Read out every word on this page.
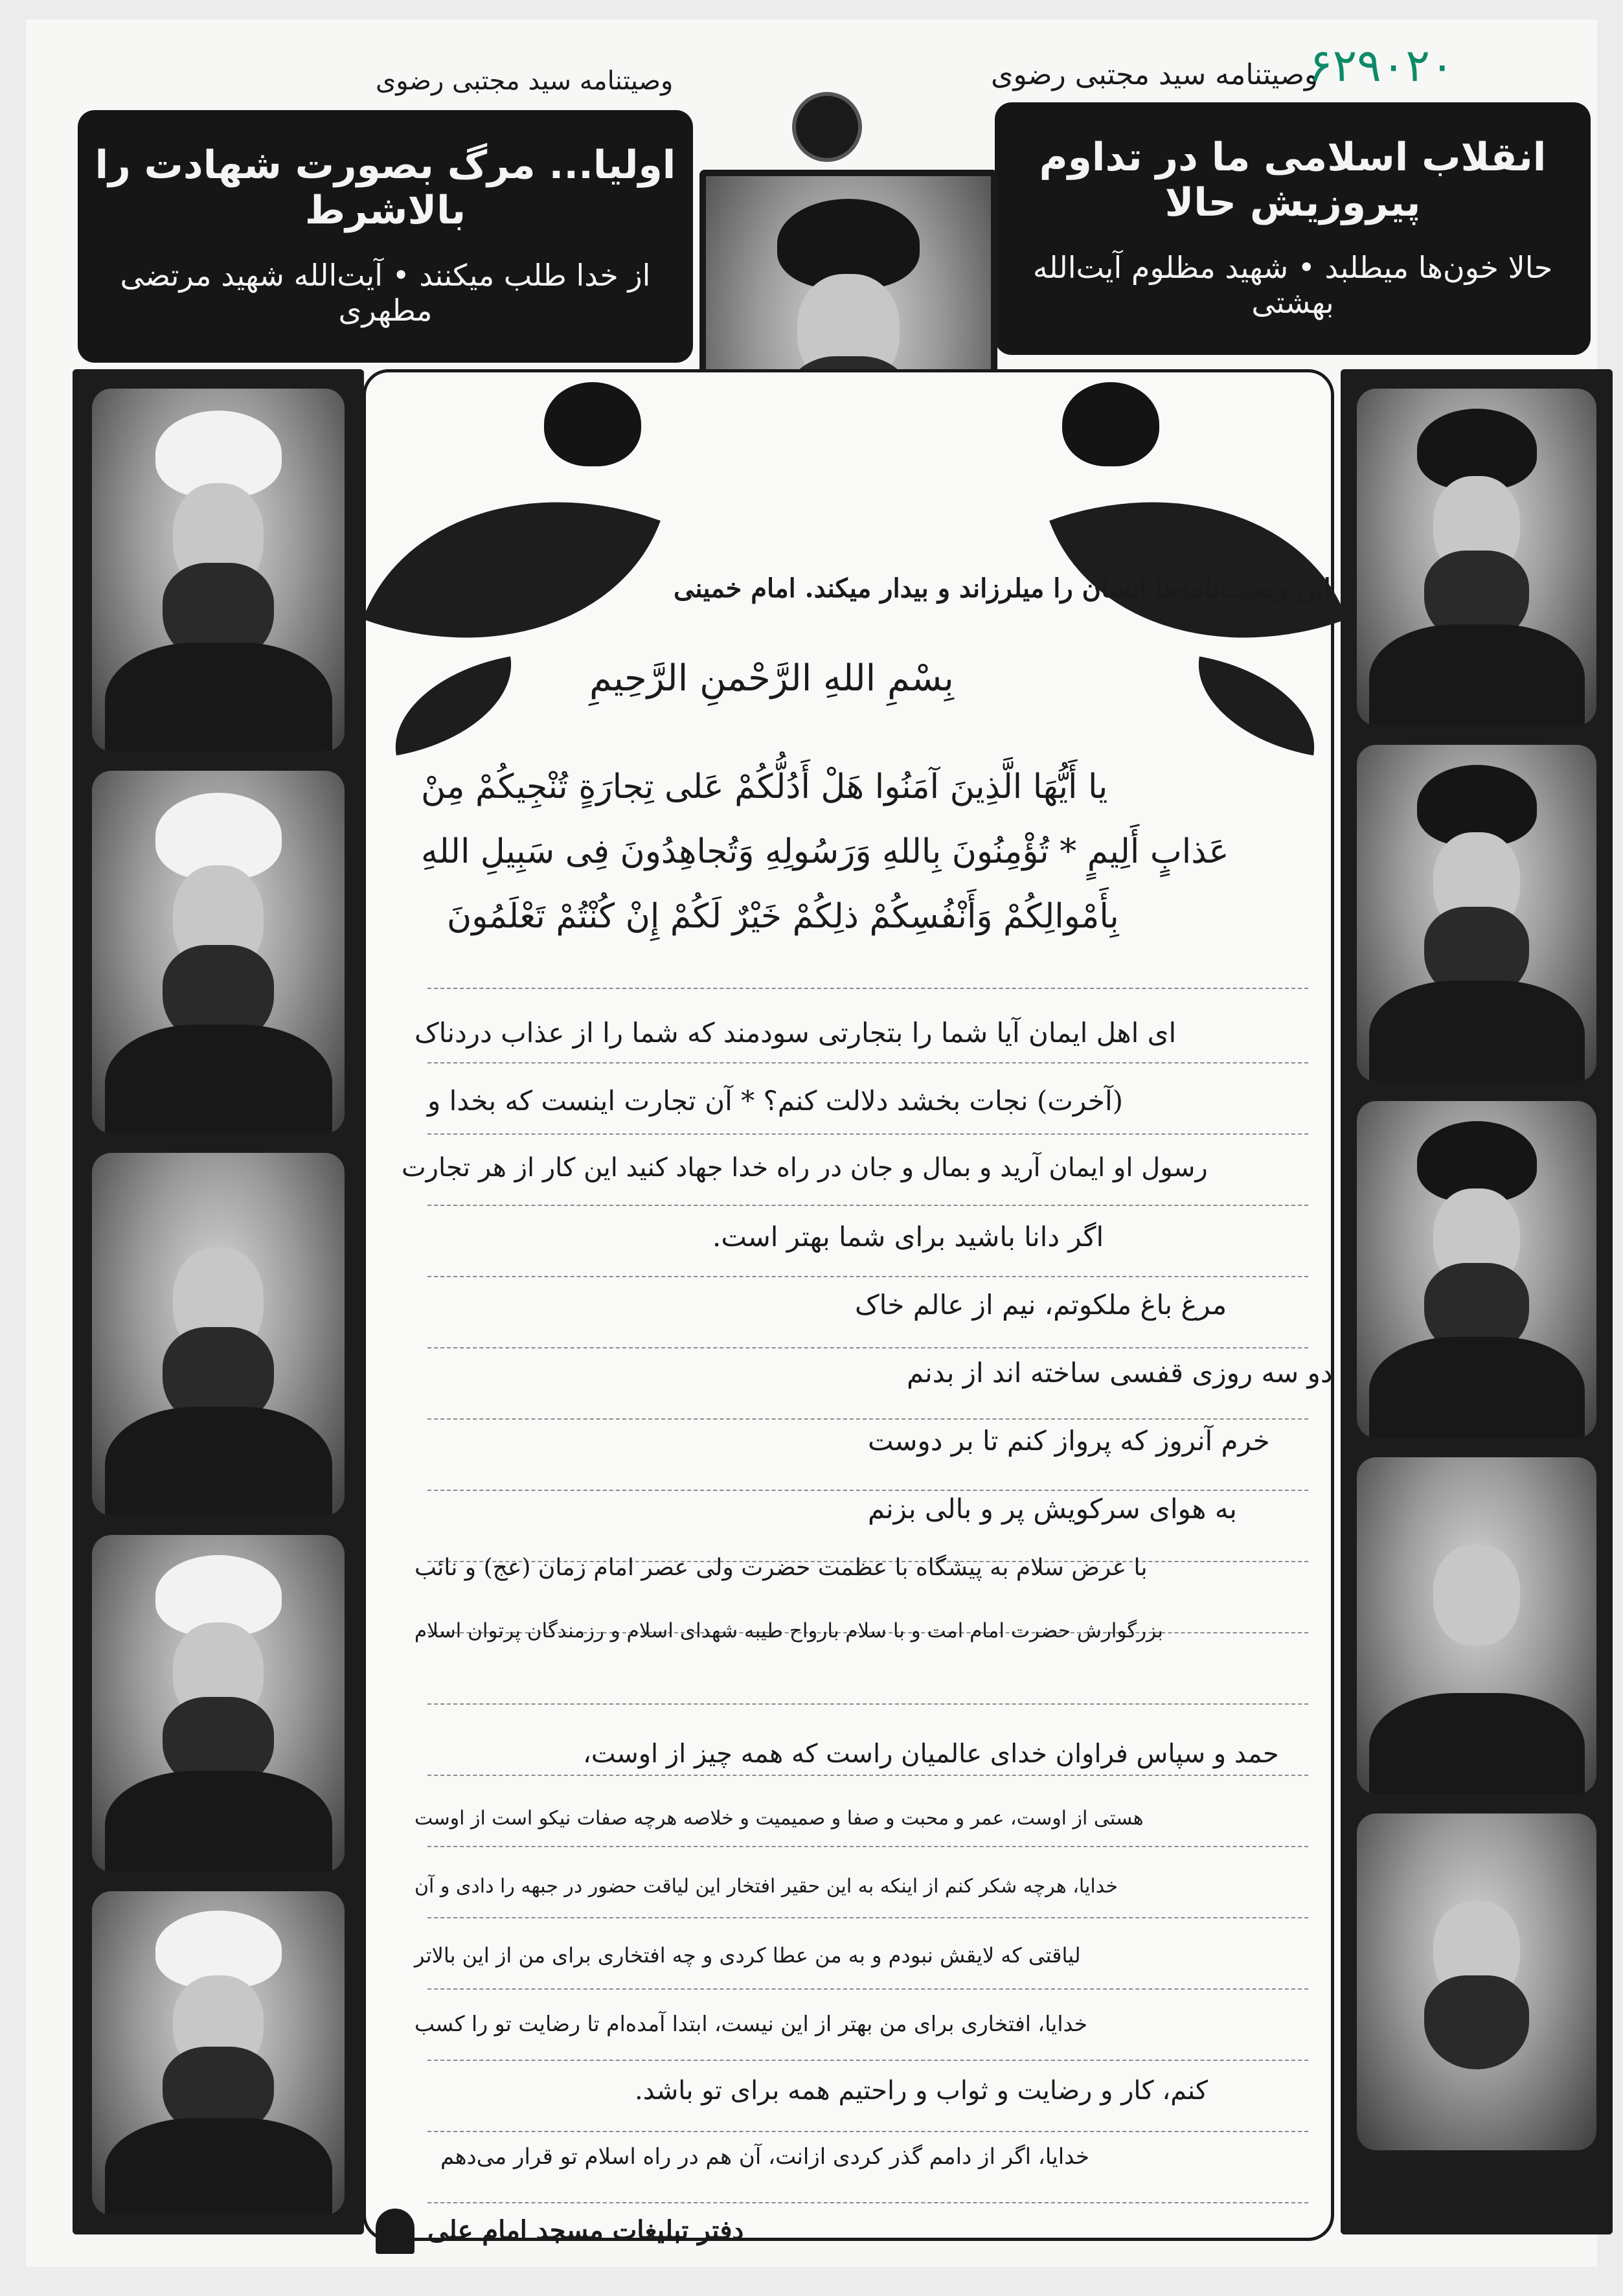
وصیتنامه سید مجتبی رضوی	وصیتنامه سید مجتبی رضوی
۶۲۹۰۲۰
انقلاب اسلامی ما در تداوم پیروزیش حالا
حالا خون‌ها میطلبد • شهید مظلوم آیت‌الله بهشتی
اولیا... مرگ بصورت شهادت را بالاشرط
از خدا طلب میکنند • آیت‌الله شهید مرتضی مطهری
این وصیت‌نامه‌ها انسان را میلرزاند و بیدار میکند. امام خمینی
بِسْمِ اللهِ الرَّحْمنِ الرَّحِیمِ
یا أَیُّهَا الَّذِینَ آمَنُوا هَلْ أَدُلُّکُمْ عَلی تِجارَةٍ تُنْجِیکُمْ مِنْ
عَذابٍ أَلِیمٍ * تُؤْمِنُونَ بِاللهِ وَرَسُولِهِ وَتُجاهِدُونَ فِی سَبِیلِ اللهِ
بِأَمْوالِکُمْ وَأَنْفُسِکُمْ ذلِکُمْ خَیْرٌ لَکُمْ إِنْ کُنْتُمْ تَعْلَمُونَ
ای اهل ایمان آیا شما را بتجارتی سودمند که شما را از عذاب دردناک
(آخرت) نجات بخشد دلالت کنم؟ * آن تجارت اینست که بخدا و
رسول او ایمان آرید و بمال و جان در راه خدا جهاد کنید این کار از هر تجارت
اگر دانا باشید برای شما بهتر است.
مرغ باغ ملکوتم، نیم از عالم خاک
دو سه روزی قفسی ساخته اند از بدنم
خرم آنروز که پرواز کنم تا بر دوست
به هوای سرکویش پر و بالی بزنم
با عرض سلام به پیشگاه با عظمت حضرت ولی عصر امام زمان (عج) و نائب
بزرگوارش حضرت امام امت و با سلام بارواح طیبه شهدای اسلام و رزمندگان پرتوان اسلام
حمد و سپاس فراوان خدای عالمیان راست که همه چیز از اوست،
هستی از اوست، عمر و محبت و صفا و صمیمیت و خلاصه هرچه صفات نیکو است از اوست
خدایا، هرچه شکر کنم از اینکه به این حقیر افتخار این لیاقت حضور در جبهه را دادی و آن
لیاقتی که لایقش نبودم و به من عطا کردی و چه افتخاری برای من از این بالاتر
خدایا، افتخاری برای من بهتر از این نیست، ابتدا آمده‌ام تا رضایت تو را کسب
کنم، کار و رضایت و ثواب و راحتیم همه برای تو باشد.
خدایا، اگر از دامم گذر کردی ازانت، آن هم در راه اسلام تو قرار می‌دهم
دفتر تبلیغات مسجد امام علی
